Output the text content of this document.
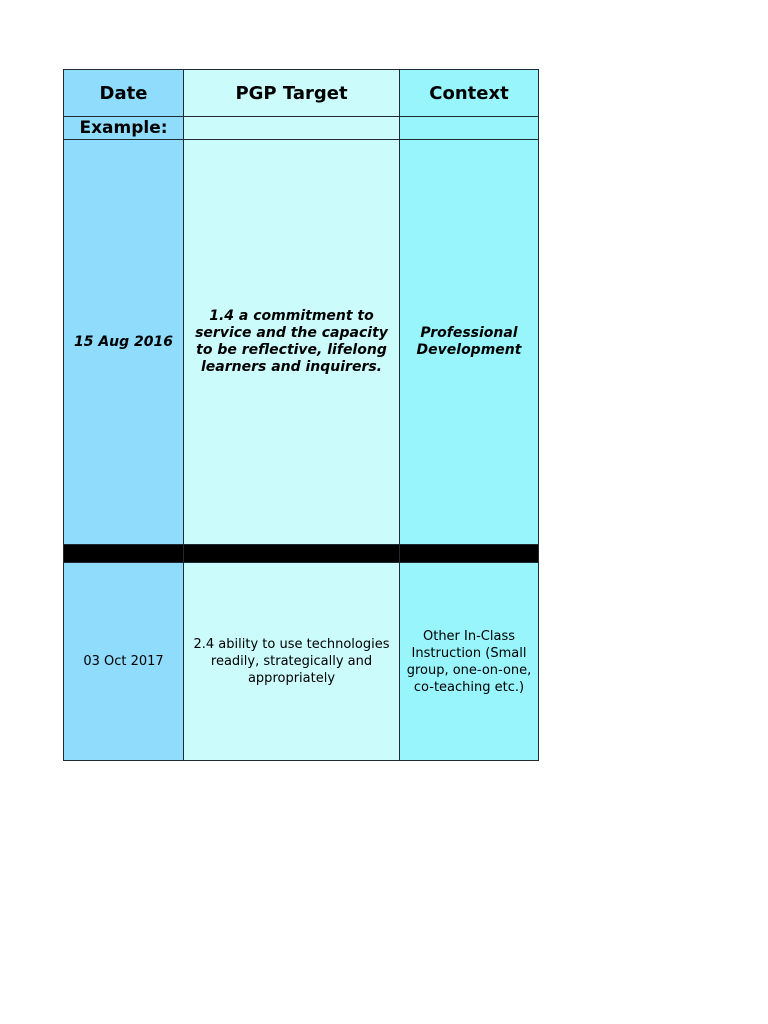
Date	PGP Target	Context
Example:		
15 Aug 2016	1.4 a commitment to service and the capacity to be reflective, lifelong learners and inquirers.	Professional Development

03 Oct 2017	2.4 ability to use technologies readily, strategically and appropriately	Other In-Class Instruction (Small group, one-on-one, co-teaching etc.)
